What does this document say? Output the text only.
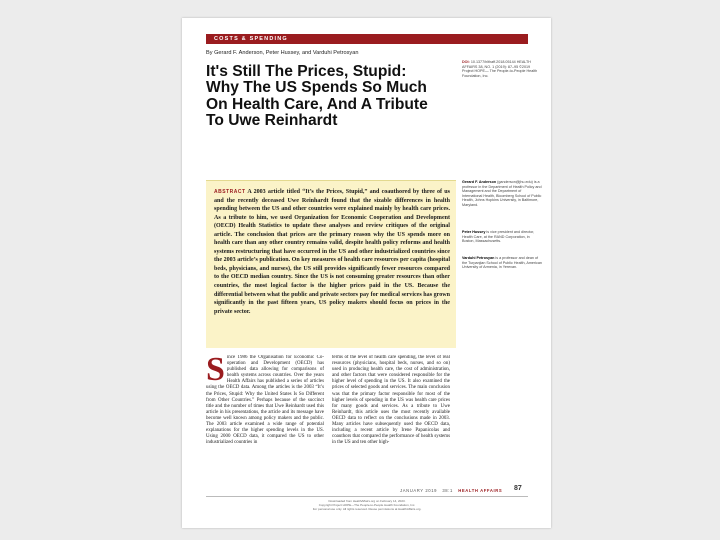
COSTS & SPENDING
By Gerard F. Anderson, Peter Hussey, and Varduhi Petrosyan
It's Still The Prices, Stupid:
Why The US Spends So Much
On Health Care, And A Tribute
To Uwe Reinhardt
DOI: 10.1377/hlthaff.2018.05144 HEALTH AFFAIRS 38, NO. 1 (2019): 87–95 ©2019 Project HOPE— The People-to-People Health Foundation, Inc.
Gerard F. Anderson (ganderson@jhu.edu) is a professor in the Department of Health Policy and Management and the Department of International Health, Bloomberg School of Public Health, Johns Hopkins University, in Baltimore, Maryland.
Peter Hussey is vice president and director, Health Care, at the RAND Corporation, in Boston, Massachusetts.
Varduhi Petrosyan is a professor and dean of the Turpanjian School of Public Health, American University of Armenia, in Yerevan.
ABSTRACT A 2003 article titled “It’s the Prices, Stupid,” and coauthored by three of us and the recently deceased Uwe Reinhardt found that the sizable differences in health spending between the US and other countries were explained mainly by health care prices. As a tribute to him, we used Organization for Economic Cooperation and Development (OECD) Health Statistics to update these analyses and review critiques of the original article. The conclusion that prices are the primary reason why the US spends more on health care than any other country remains valid, despite health policy reforms and health systems restructuring that have occurred in the US and other industrialized countries since the 2003 article’s publication. On key measures of health care resources per capita (hospital beds, physicians, and nurses), the US still provides significantly fewer resources compared to the OECD median country. Since the US is not consuming greater resources than other countries, the most logical factor is the higher prices paid in the US. Because the differential between what the public and private sectors pay for medical services has grown significantly in the past fifteen years, US policy makers should focus on prices in the private sector.
S ince 1986 the Organisation for Economic Co-operation and Development (OECD) has published data allowing for comparisons of health systems across countries. Over the years Health Affairs has published a series of articles using the OECD data. Among the articles is the 2003 “It’s the Prices, Stupid: Why the United States Is So Different from Other Countries.” Perhaps because of the succinct title and the number of times that Uwe Reinhardt used this article in his presentations, the article and its message have become well known among policy makers and the public. The 2003 article examined a wide range of potential explanations for the higher spending levels in the US. Using 2000 OECD data, it compared the US to other industrialized countries in
terms of the level of health care spending, the level of real resources (physicians, hospital beds, nurses, and so on) used in producing health care, the cost of administration, and other factors that were considered responsible for the higher level of spending in the US. It also examined the prices of selected goods and services. The main conclusion was that the primary factor responsible for most of the higher levels of spending in the US was health care prices for many goods and services. As a tribute to Uwe Reinhardt, this article uses the most recently available OECD data to reflect on the conclusions made in 2003. Many articles have subsequently used the OECD data, including a recent article by Irene Papanicolas and coauthors that compared the performance of health systems in the US and ten other high-
JANUARY 2019 38:1 HEALTH AFFAIRS 87
Downloaded from HealthAffairs.org on February 14, 2023.
Copyright Project HOPE—The People-to-People Health Foundation, Inc.
For personal use only. All rights reserved. Reuse permissions at HealthAffairs.org.
